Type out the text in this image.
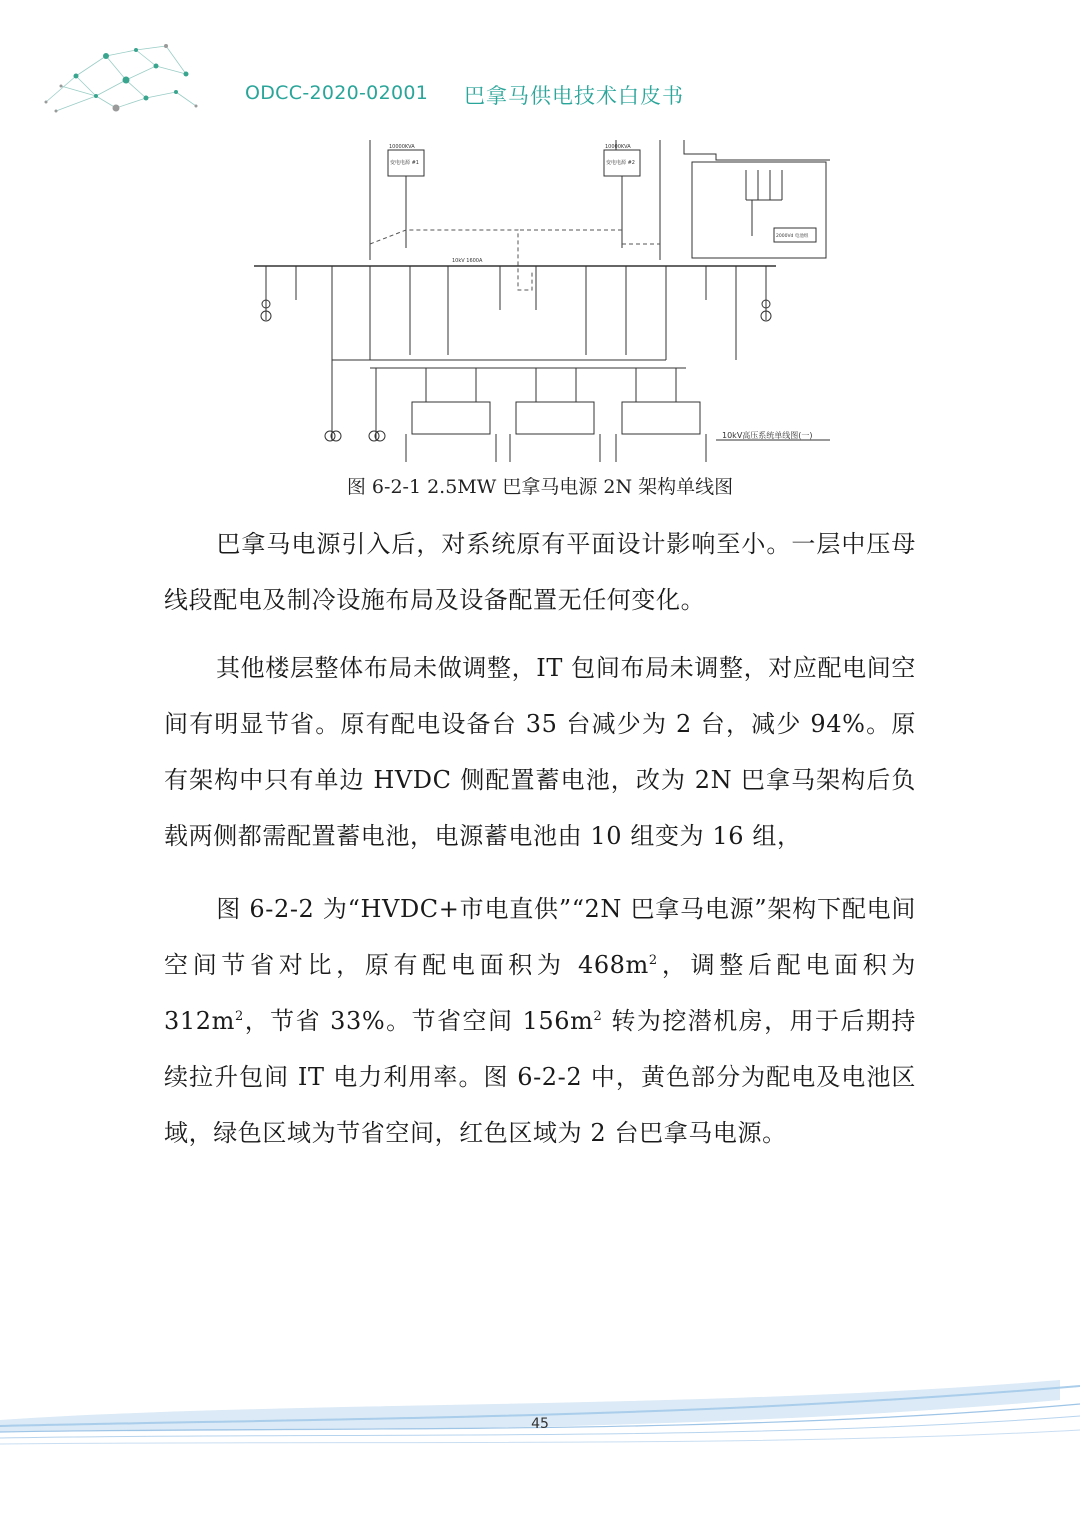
ODCC-2020-02001 巴拿马供电技术白皮书
10000KVA	10000KVA
变电电源 #1	变电电源 #2
10kV 1600A
2000Vd 电池组
10kV高压系统单线图(一)
图 6-2-1 2.5MW 巴拿马电源 2N 架构单线图

巴拿马电源引入后，对系统原有平面设计影响至小。一层中压母线段配电及制冷设施布局及设备配置无任何变化。

其他楼层整体布局未做调整，IT 包间布局未调整，对应配电间空间有明显节省。原有配电设备台 35 台减少为 2 台，减少 94%。原有架构中只有单边 HVDC 侧配置蓄电池，改为 2N 巴拿马架构后负载两侧都需配置蓄电池，电源蓄电池由 10 组变为 16 组，

图 6-2-2 为“HVDC+市电直供”“2N 巴拿马电源”架构下配电间空间节省对比，原有配电面积为 $468m^2$，调整后配电面积为 $312m^2$，节省 33%。节省空间 $156m^2$ 转为挖潜机房，用于后期持续拉升包间 IT 电力利用率。图 6-2-2 中，黄色部分为配电及电池区域，绿色区域为节省空间，红色区域为 2 台巴拿马电源。

45
